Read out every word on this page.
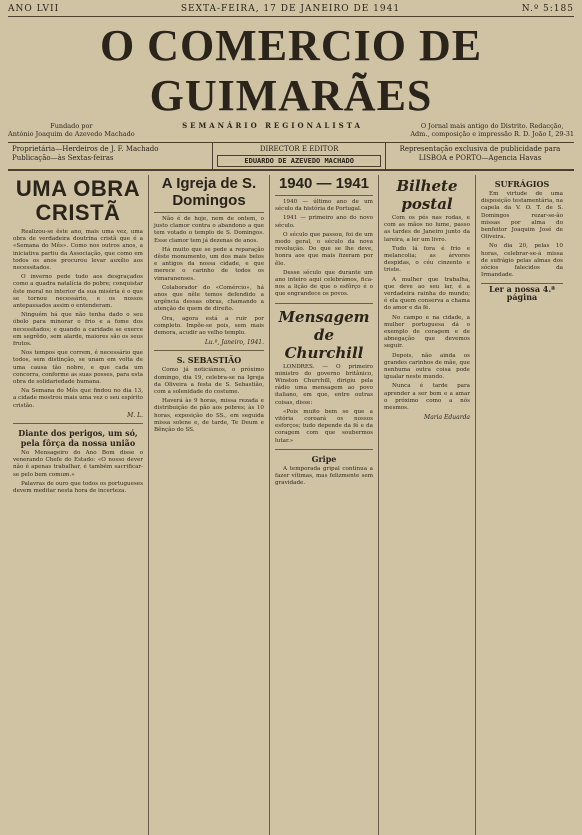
ANO LVII	SEXTA-FEIRA, 17 DE JANEIRO DE 1941	N.º 5:185
O COMERCIO DE GUIMARÃES
Fundado por
António Joaquim de Azevedo Machado
SEMANÁRIO REGIONALISTA	O Jornal mais antigo do Distrito. Redacção,
Adm., composição e impressão R. D. João I, 29-31
Proprietária—Herdeiros de J. F. Machado
Publicação—às Sextas-feiras
DIRECTOR E EDITOR
EDUARDO DE AZEVEDO MACHADO
Representação exclusiva de publicidade para
LISBOA e PORTO—Agencia Havas
UMA OBRA CRISTÃ

Realizou-se êste ano, mais uma vez, uma obra de verdadeira doutrina cristã que é a «Semana do Mês». Como nos outros anos, a iniciativa partiu da Associação, que como em todos os anos procurou levar auxílio aos necessitados.

O inverno pede tudo aos desgraçados como a quadra natalícia do pobre; conquistar êste moral no interior da sua miséria é o que se tornou necessário, e os nossos antepassados assim o entenderam.

Ninguém há que não tenha dado o seu óbolo para minorar o frio e a fome dos necessitados; e quando a caridade se exerce em segrêdo, sem alarde, maiores são os seus frutos.

Nos tempos que correm, é necessário que todos, sem distinção, se unam em volta de uma causa tão nobre, e que cada um concorra, conforme as suas posses, para esta obra de solidariedade humana.

Na Semana do Mês que findou no dia 13, a cidade mostrou mais uma vez o seu espírito cristão.

M. L.
Diante dos perigos, um só, pela fôrça da nossa união

No Mensageiro do Ano Bom disse o venerando Chefe do Estado: «O nosso dever não é apenas trabalhar, é também sacrificar-se pelo bem comum.»

Palavras de ouro que todos os portugueses devem meditar nesta hora de incerteza.

A Igreja de S. Domingos

Não é de hoje, nem de ontem, o justo clamor contra o abandono a que tem votado o templo de S. Domingos. Esse clamor tem já dezenas de anos.

Há muito que se pede a reparação dêste monumento, um dos mais belos e antigos da nossa cidade, e que merece o carinho de todos os vimaranenses.

Colaborador do «Comércio», há anos que nêle temos defendido a urgência dessas obras, chamando a atenção de quem de direito.

Ora, agora está a ruir por completo. Impõe-se pois, sem mais demora, acudir ao velho templo.

Lu.º, Janeiro, 1941.
S. SEBASTIÃO

Como já noticiámos, o próximo domingo, dia 19, celebra-se na Igreja da Oliveira a festa de S. Sebastião, com a solenidade do costume.

Haverá às 9 horas, missa rezada e distribuição de pão aos pobres; às 10 horas, exposição do SS., em seguida missa solene e, de tarde, Te Deum e Bênção do SS.

1940 — 1941

1940 — último ano de um século da história de Portugal.

1941 — primeiro ano do novo século.

O século que passou, foi de um modo geral, o século da nova revolução. Do que se lhe deve, honra aos que mais fizeram por êle.

Desse século que durante um ano inteiro aqui celebrámos, fica-nos a lição de que o esfôrço é o que engrandece os povos.

Mensagem de Churchill

LONDRES. — O primeiro ministro do governo britânico, Winston Churchill, dirigiu pela rádio uma mensagem ao povo italiano, em que, entre outras coisas, disse:

«Pois muito bem se que a vitória coroará os nossos esforços; tudo depende da fé e da coragem com que soubermos lutar.»

Gripe

A temporada gripal continua a fazer vítimas, mas felizmente sem gravidade.

Bilhete postal

Com os pés nas rodas, e com as mãos no lume, passo as tardes de Janeiro junto da lareira, a ler um livro.

Tudo lá fora é frio e melancolia; as árvores despidas, o céu cinzento e triste.

A mulher que trabalha, que deve ao seu lar, é a verdadeira rainha do mundo; é ela quem conserva a chama do amor e da fé.

No campo e na cidade, a mulher portuguesa dá o exemplo de coragem e de abnegação que devemos seguir.

Depois, não ainda os grandes carinhos de mãe, que nenhuma outra coisa pode igualar neste mundo.

Nunca é tarde para aprender a ser bom e a amar o próximo como a nós mesmos.

Maria Eduarda
SUFRÁGIOS

Em virtude de uma disposição testamentária, na capela da V. O. T. de S. Domingos rezar-se-ão missas por alma do benfeitor Joaquim José de Oliveira.

No dia 20, pelas 10 horas, celebrar-se-á missa de sufrágio pelas almas dos sócios falecidos da Irmandade.

Ler a nossa 4.ª página
